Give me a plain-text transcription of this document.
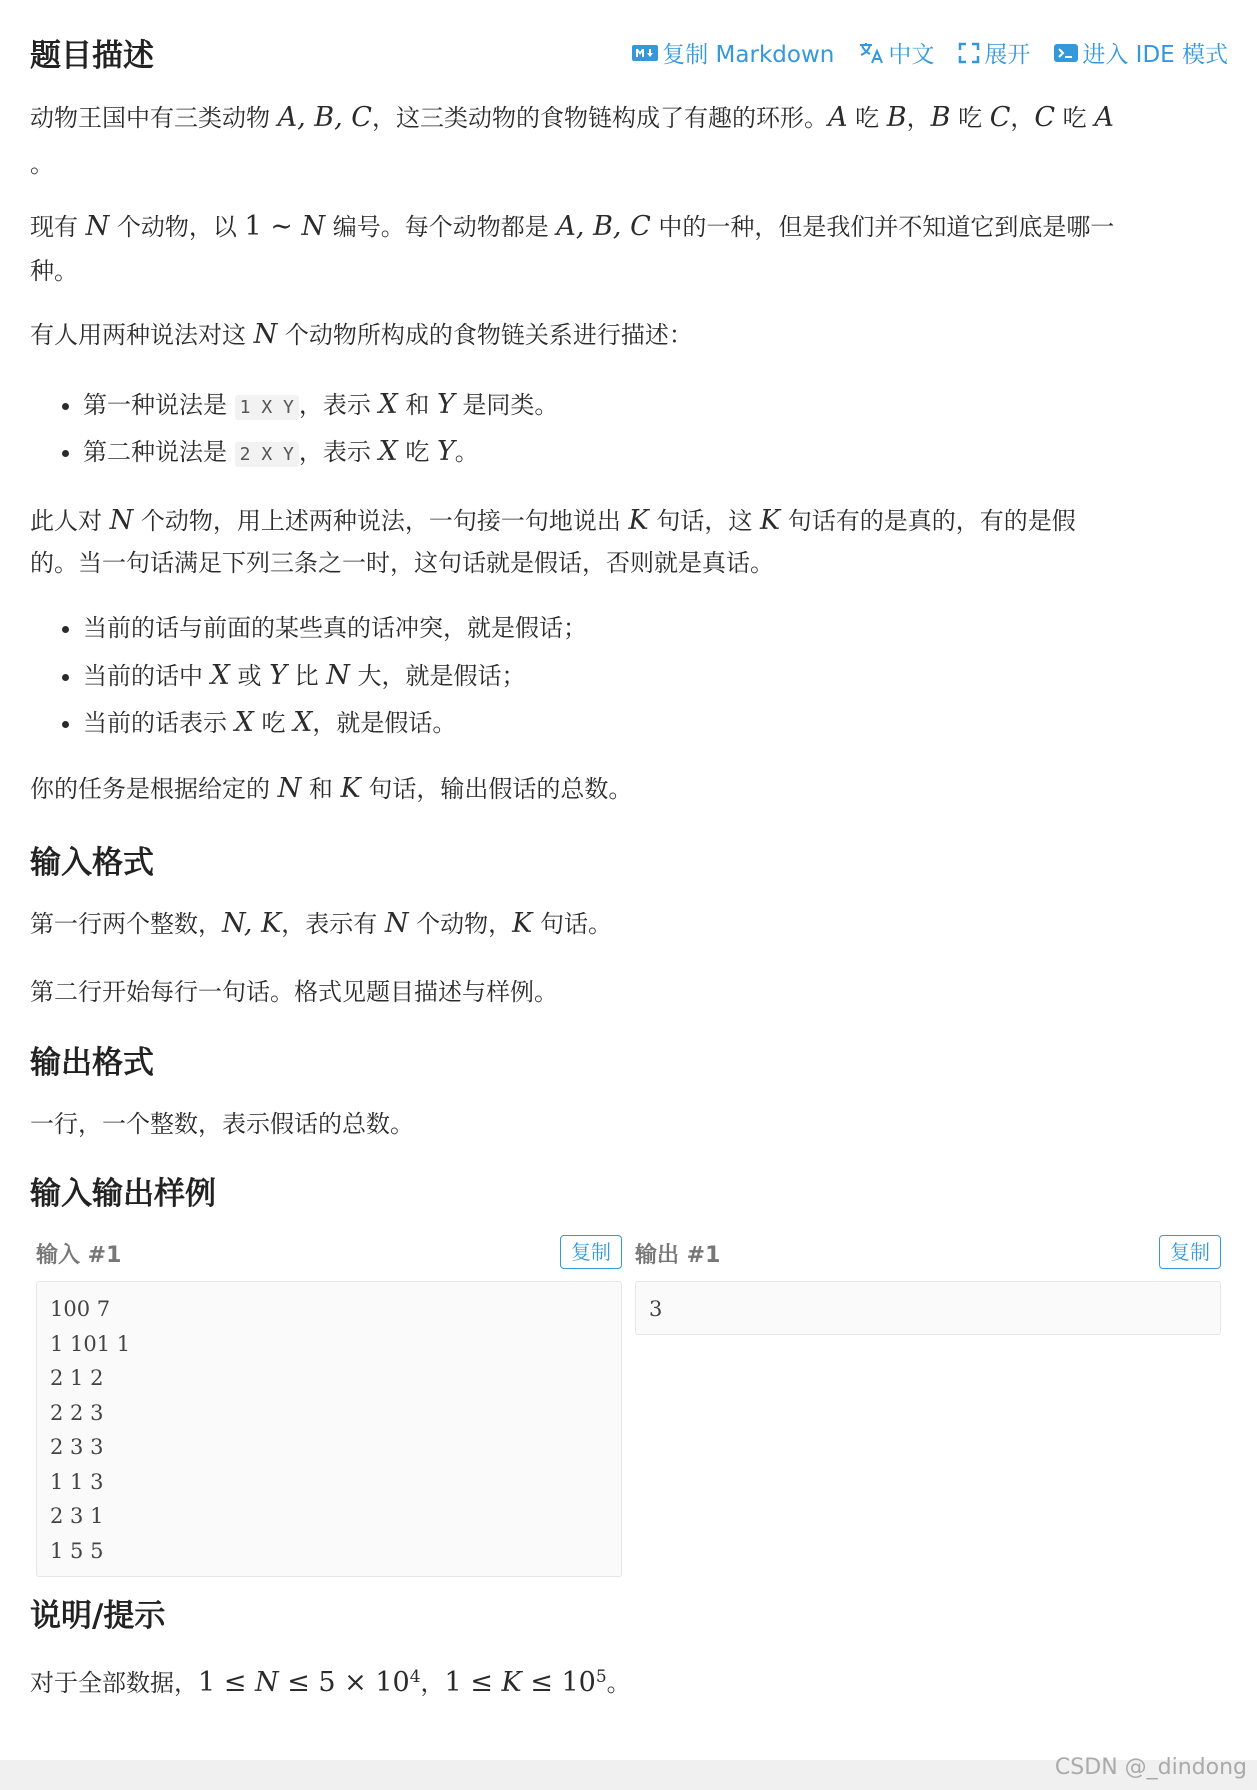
题目描述	复制 Markdown 中文 展开 进入 IDE 模式
动物王国中有三类动物 A, B, C，这三类动物的食物链构成了有趣的环形。A 吃 B，B 吃 C，C 吃 A
。
现有 N 个动物，以 1 ∼ N 编号。每个动物都是 A, B, C 中的一种，但是我们并不知道它到底是哪一
种。
有人用两种说法对这 N 个动物所构成的食物链关系进行描述：
• 第一种说法是 1 X Y ，表示 X 和 Y 是同类。
• 第二种说法是 2 X Y ，表示 X 吃 Y。
此人对 N 个动物，用上述两种说法，一句接一句地说出 K 句话，这 K 句话有的是真的，有的是假
的。当一句话满足下列三条之一时，这句话就是假话，否则就是真话。
• 当前的话与前面的某些真的话冲突，就是假话；
• 当前的话中 X 或 Y 比 N 大，就是假话；
• 当前的话表示 X 吃 X，就是假话。
你的任务是根据给定的 N 和 K 句话，输出假话的总数。
输入格式
第一行两个整数，N, K，表示有 N 个动物，K 句话。
第二行开始每行一句话。格式见题目描述与样例。
输出格式
一行，一个整数，表示假话的总数。
输入输出样例
输入 #1	复制
100 7
1 101 1
2 1 2
2 2 3
2 3 3
1 1 3
2 3 1
1 5 5
输出 #1	复制
3
说明/提示
对于全部数据，$1 \le N \le 5 \times 10^4$，$1 \le K \le 10^5$。
CSDN @_dindong
